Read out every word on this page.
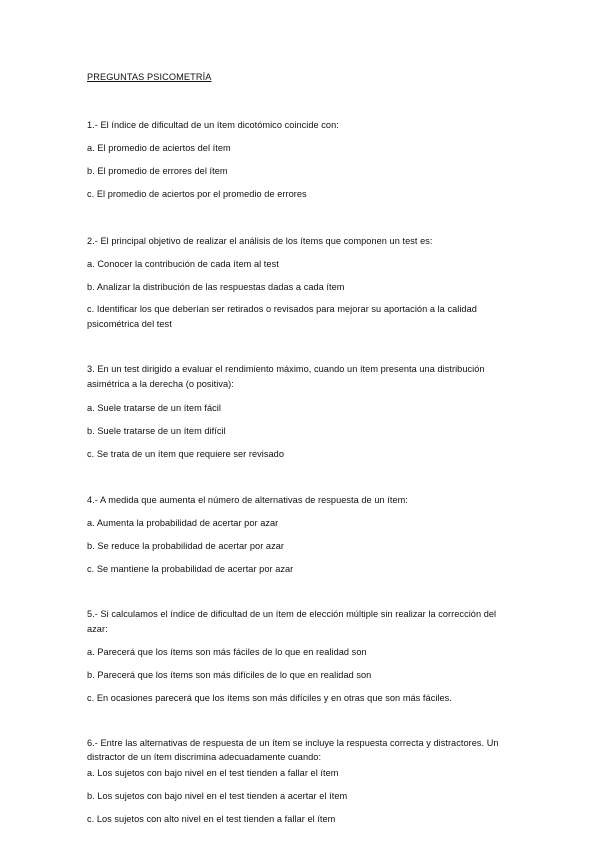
PREGUNTAS PSICOMETRÍA
1.- El índice de dificultad de un ítem dicotómico coincide con:
a. El promedio de aciertos del ítem
b. El promedio de errores del ítem
c. El promedio de aciertos por el promedio de errores
2.- El principal objetivo de realizar el análisis de los ítems que componen un test es:
a. Conocer la contribución de cada ítem al test
b. Analizar la distribución de las respuestas dadas a cada ítem
c. Identificar los que deberían ser retirados o revisados para mejorar su aportación a la calidad psicométrica del test
3. En un test dirigido a evaluar el rendimiento máximo, cuando un ítem presenta una distribución asimétrica a la derecha (o positiva):
a. Suele tratarse de un ítem fácil
b. Suele tratarse de un ítem difícil
c. Se trata de un ítem que requiere ser revisado
4.- A medida que aumenta el número de alternativas de respuesta de un ítem:
a. Aumenta la probabilidad de acertar por azar
b. Se reduce la probabilidad de acertar por azar
c. Se mantiene la probabilidad de acertar por azar
5.- Si calculamos el índice de dificultad de un ítem de elección múltiple sin realizar la corrección del azar:
a. Parecerá que los ítems son más fáciles de lo que en realidad son
b. Parecerá que los ítems son más difíciles de lo que en realidad son
c. En ocasiones parecerá que los ítems son más difíciles y en otras que son más fáciles.
6.- Entre las alternativas de respuesta de un ítem se incluye la respuesta correcta y distractores. Un distractor de un ítem discrimina adecuadamente cuando:
a. Los sujetos con bajo nivel en el test tienden a fallar el ítem
b. Los sujetos con bajo nivel en el test tienden a acertar el ítem
c. Los sujetos con alto nivel en el test tienden a fallar el ítem
